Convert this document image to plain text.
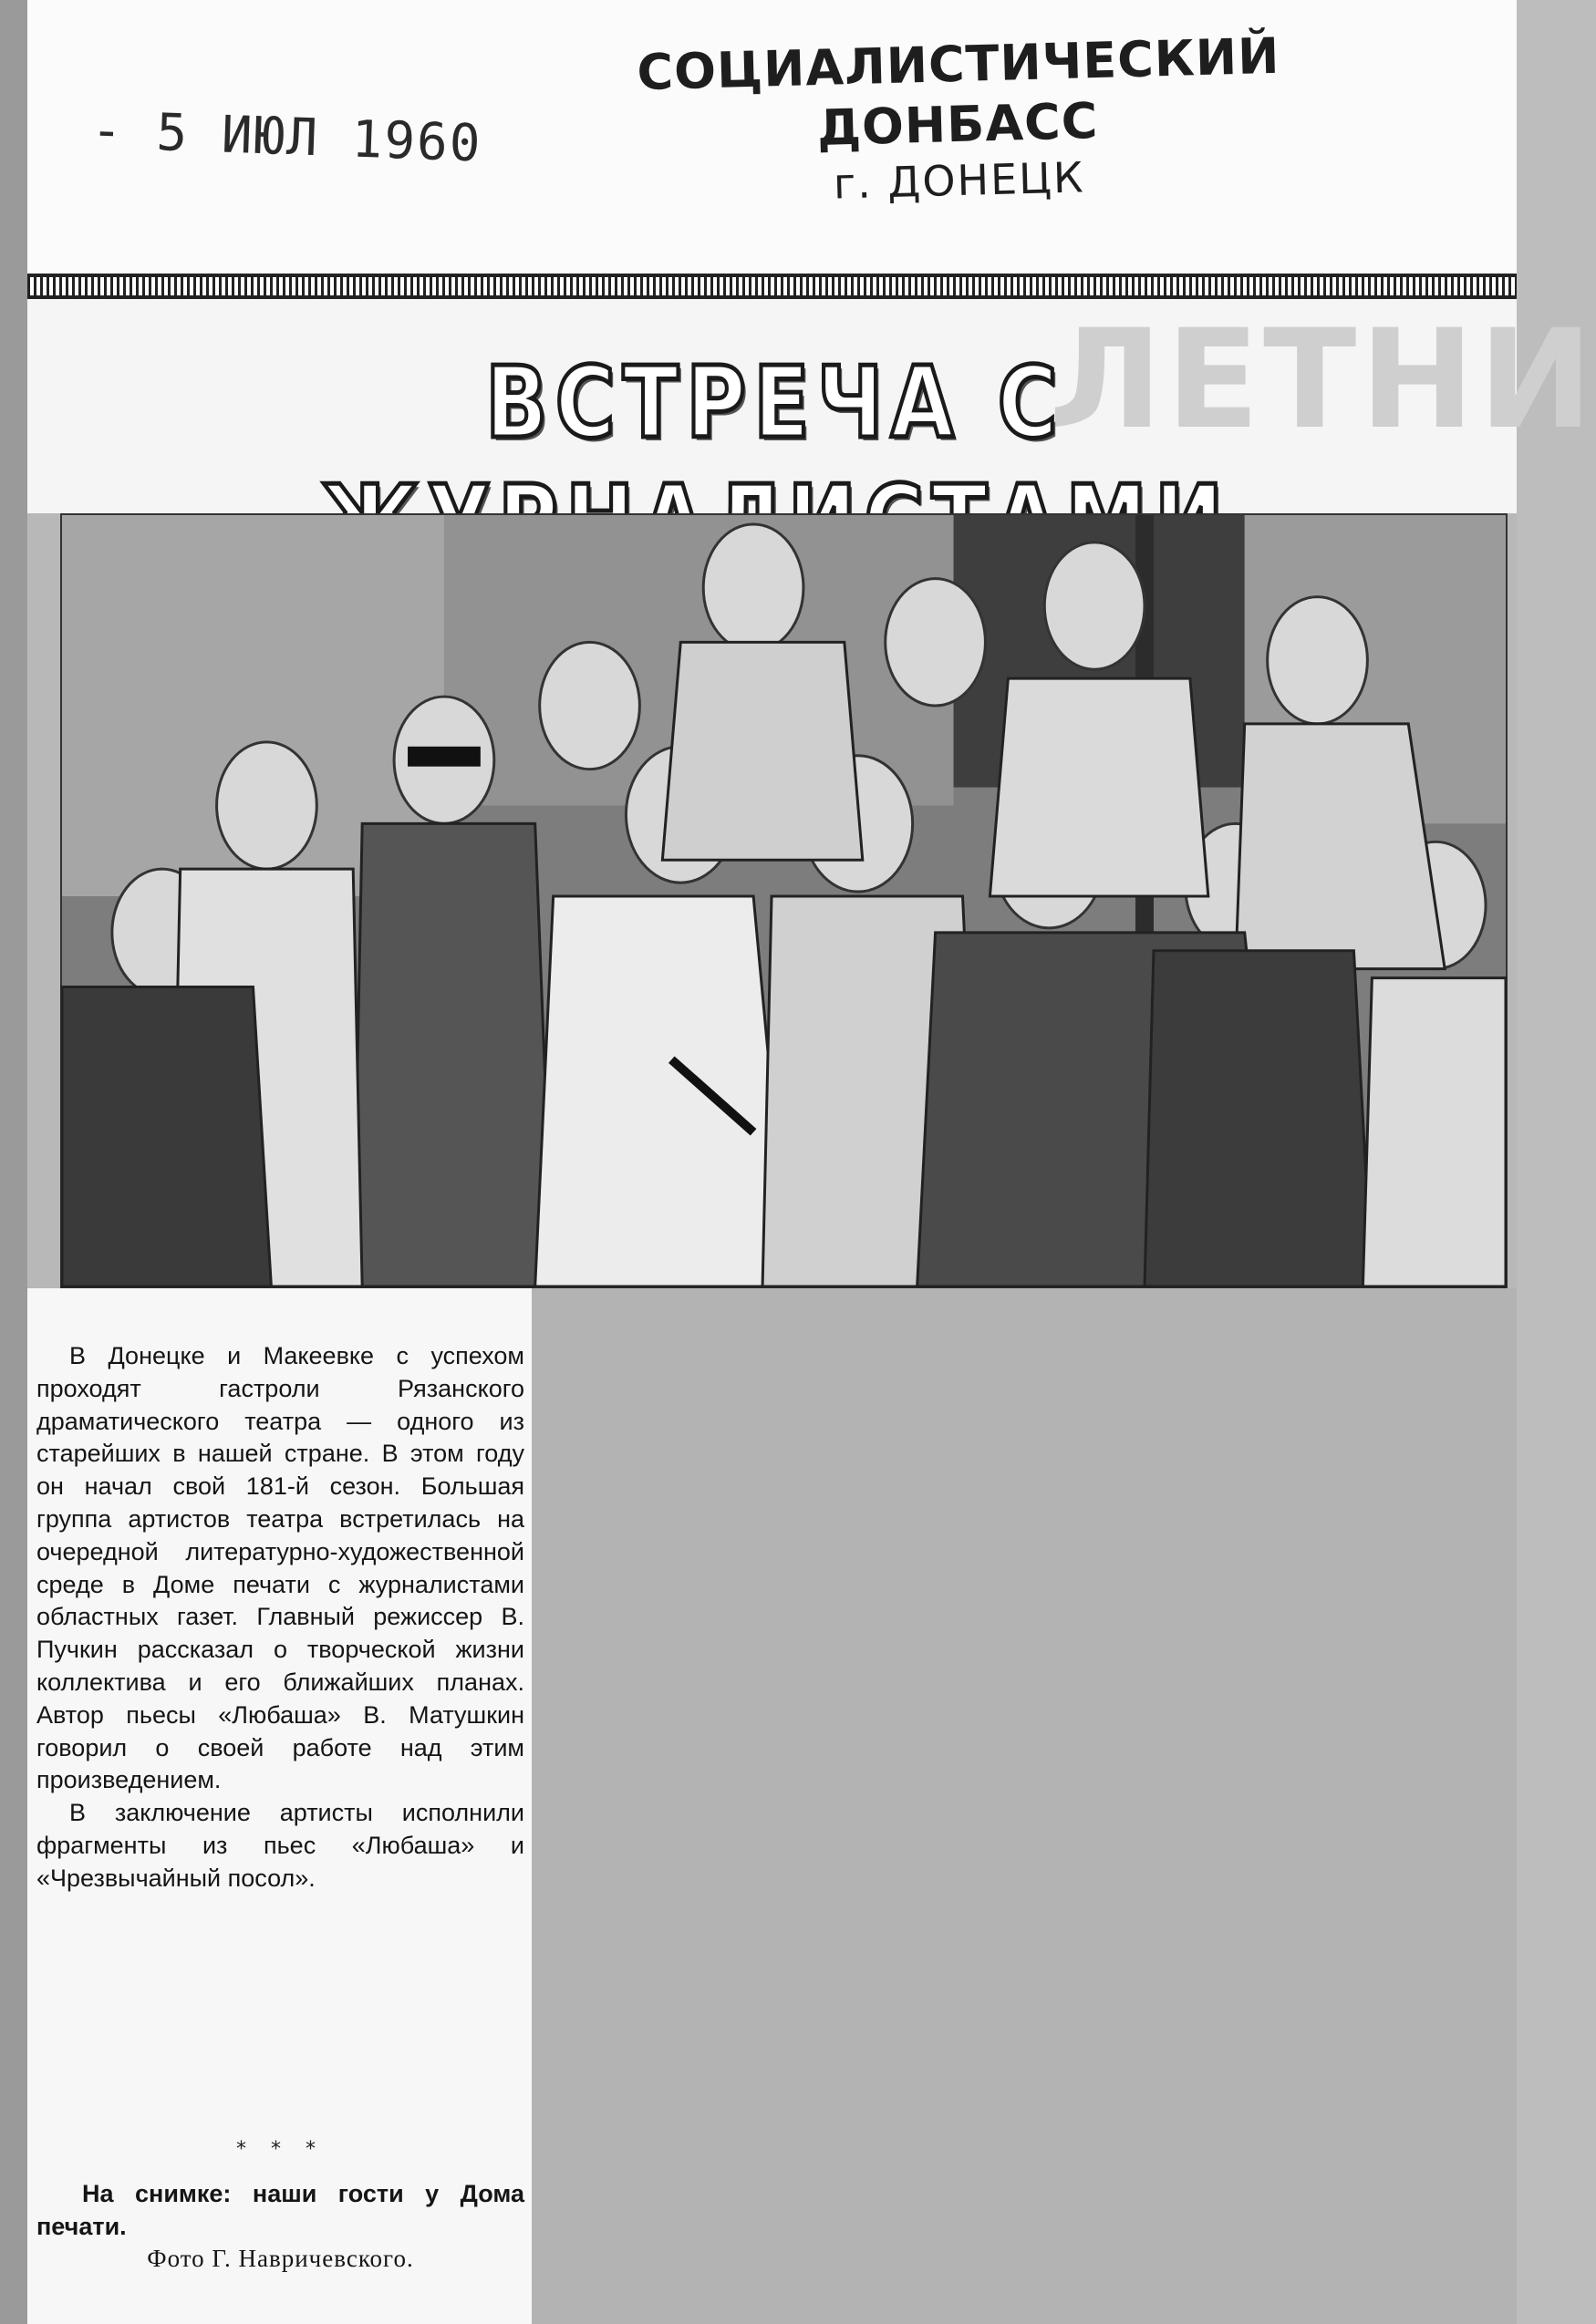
- 5 ИЮЛ 1960
СОЦИАЛИСТИЧЕСКИЙ ДОНБАСС
г. ДОНЕЦК
ЛЕТНИ
ВСТРЕЧА С

В Донецке и Макеевке с успехом проходят гастроли Рязанского драматического театра — одного из старейших в нашей стране. В этом году он начал свой 181-й сезон. Большая группа артистов театра встретилась на очередной литературно-художественной среде в Доме печати с журналистами областных газет. Главный режиссер В. Пучкин рассказал о творческой жизни коллектива и его ближайших планах. Автор пьесы «Любаша» В. Матушкин говорил о своей работе над этим произведением.

В заключение артисты исполнили фрагменты из пьес «Любаша» и «Чрезвычайный посол».

* * *
На снимке: наши гости у Дома печати.
Фото Г. Навричевского.
